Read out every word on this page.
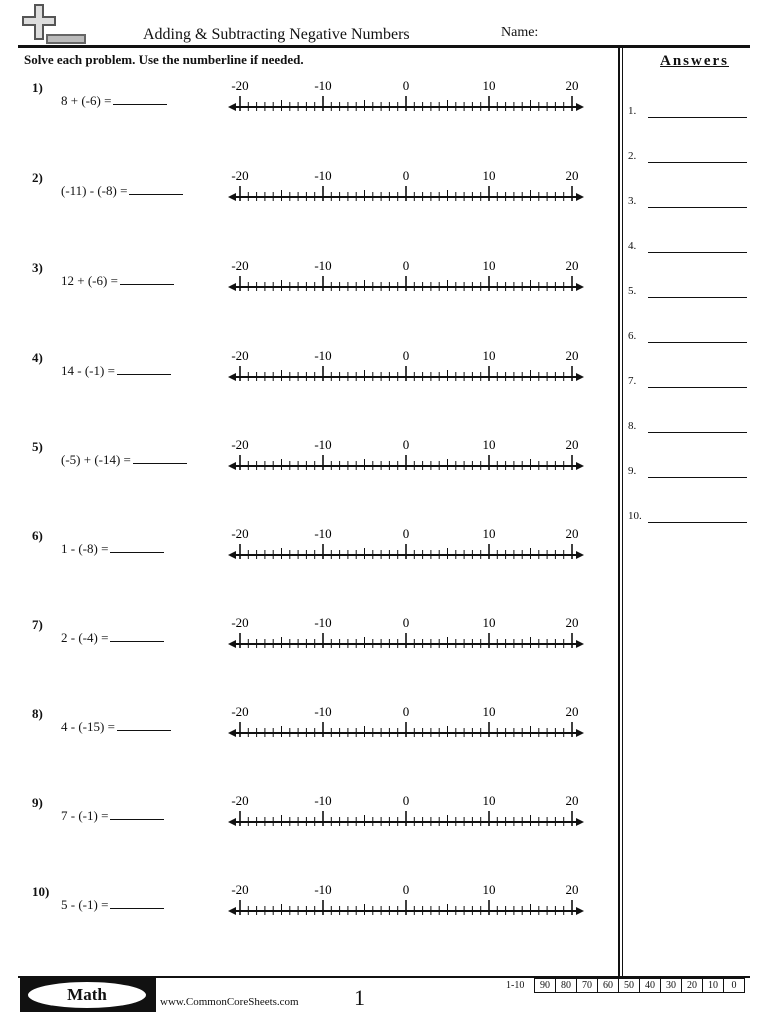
Adding & Subtracting Negative Numbers	Name:
Solve each problem. Use the numberline if needed.
1)
8 + (-6) =
-20	-10	0	10	20
2)
(-11) - (-8) =
-20	-10	0	10	20
3)
12 + (-6) =
-20	-10	0	10	20
4)
14 - (-1) =
-20	-10	0	10	20
5)
(-5) + (-14) =
-20	-10	0	10	20
6)
1 - (-8) =
-20	-10	0	10	20
7)
2 - (-4) =
-20	-10	0	10	20
8)
4 - (-15) =
-20	-10	0	10	20
9)
7 - (-1) =
-20	-10	0	10	20
10)
5 - (-1) =
-20	-10	0	10	20
Answers
1.
2.
3.
4.
5.
6.
7.
8.
9.
10.
Math	www.CommonCoreSheets.com	1	1-10	90	80	70	60	50	40	30	20	10	0
